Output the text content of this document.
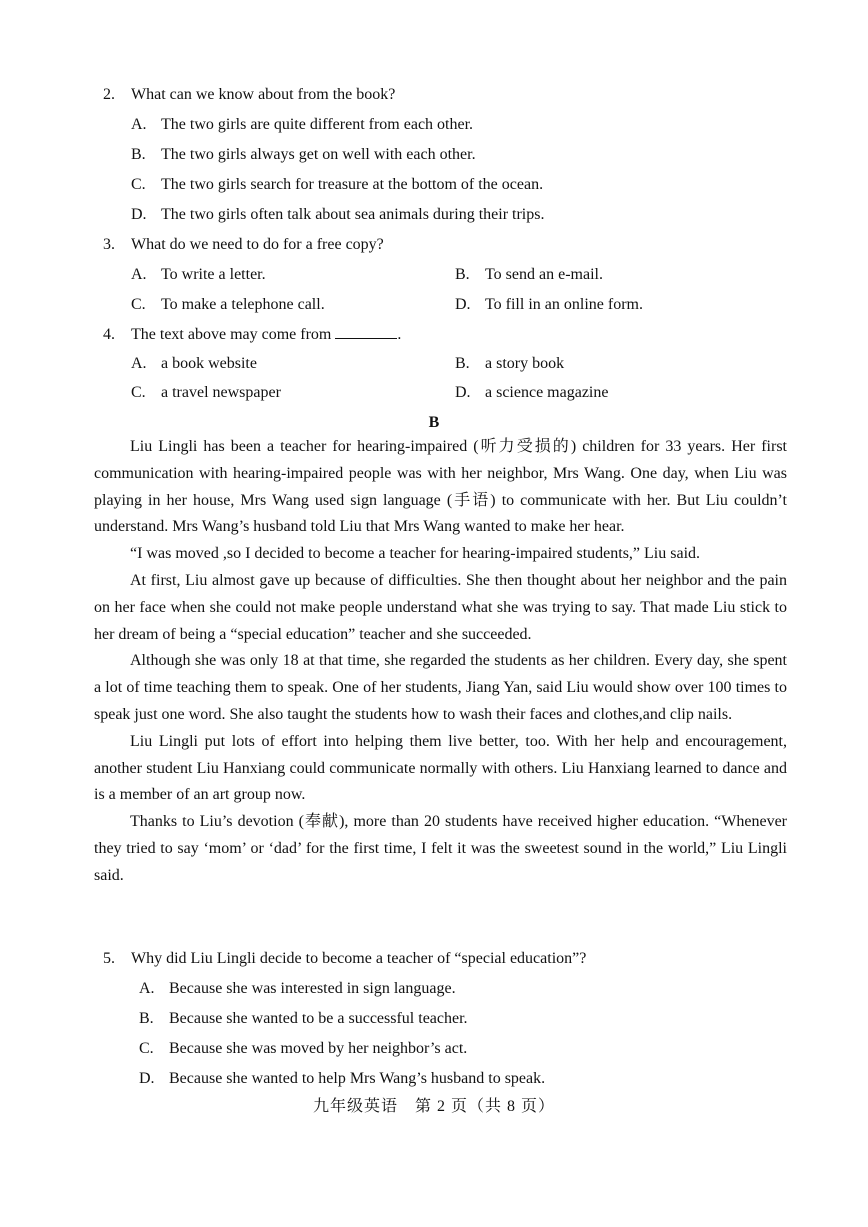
2. What can we know about from the book?
A. The two girls are quite different from each other.
B. The two girls always get on well with each other.
C. The two girls search for treasure at the bottom of the ocean.
D. The two girls often talk about sea animals during their trips.
3. What do we need to do for a free copy?
A. To write a letter.	B. To send an e-mail.
C. To make a telephone call.	D. To fill in an online form.
4. The text above may come from	.
A. a book website	B. a story book
C. a travel newspaper	D. a science magazine
B

Liu Lingli has been a teacher for hearing-impaired (听力受损的) children for 33 years. Her first communication with hearing-impaired people was with her neighbor, Mrs Wang. One day, when Liu was playing in her house, Mrs Wang used sign language (手语) to communicate with her. But Liu couldn’t understand. Mrs Wang’s husband told Liu that Mrs Wang wanted to make her hear.

“I was moved ,so I decided to become a teacher for hearing-impaired students,” Liu said.

At first, Liu almost gave up because of difficulties. She then thought about her neighbor and the pain on her face when she could not make people understand what she was trying to say. That made Liu stick to her dream of being a “special education” teacher and she succeeded.

Although she was only 18 at that time, she regarded the students as her children. Every day, she spent a lot of time teaching them to speak. One of her students, Jiang Yan, said Liu would show over 100 times to speak just one word. She also taught the students how to wash their faces and clothes,and clip nails.

Liu Lingli put lots of effort into helping them live better, too. With her help and encouragement, another student Liu Hanxiang could communicate normally with others. Liu Hanxiang learned to dance and is a member of an art group now.

Thanks to Liu’s devotion (奉献), more than 20 students have received higher education. “Whenever they tried to say ‘mom’ or ‘dad’ for the first time, I felt it was the sweetest sound in the world,” Liu Lingli said.

5. Why did Liu Lingli decide to become a teacher of “special education”?
A. Because she was interested in sign language.
B. Because she wanted to be a successful teacher.
C. Because she was moved by her neighbor’s act.
D. Because she wanted to help Mrs Wang’s husband to speak.
九年级英语　第 2 页（共 8 页）
